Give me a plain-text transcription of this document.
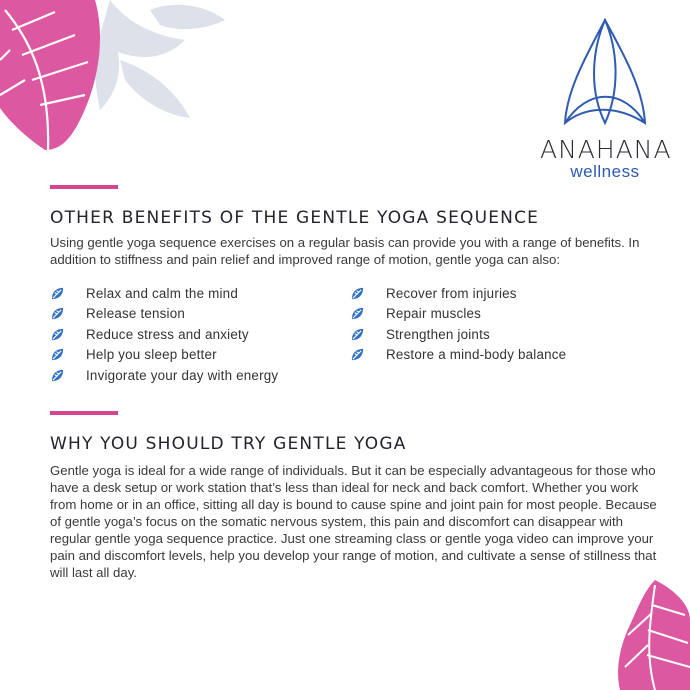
ANAHANA
wellness
OTHER BENEFITS OF THE GENTLE YOGA SEQUENCE
Using gentle yoga sequence exercises on a regular basis can provide you with a range of benefits. In addition to stiffness and pain relief and improved range of motion, gentle yoga can also:
Relax and calm the mind
Release tension
Reduce stress and anxiety
Help you sleep better
Invigorate your day with energy
Recover from injuries
Repair muscles
Strengthen joints
Restore a mind-body balance
WHY YOU SHOULD TRY GENTLE YOGA
Gentle yoga is ideal for a wide range of individuals. But it can be especially advantageous for those who have a desk setup or work station that’s less than ideal for neck and back comfort. Whether you work from home or in an office, sitting all day is bound to cause spine and joint pain for most people. Because of gentle yoga’s focus on the somatic nervous system, this pain and discomfort can disappear with regular gentle yoga sequence practice. Just one streaming class or gentle yoga video can improve your pain and discomfort levels, help you develop your range of motion, and cultivate a sense of stillness that will last all day.
